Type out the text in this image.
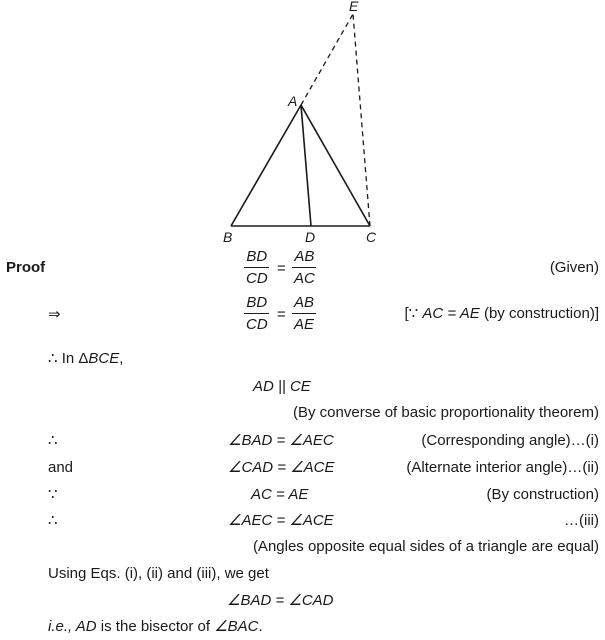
E
A
B	D	C
Proof	$\frac{BD}{CD} = \frac{AB}{AC}$	(Given)
⇒	$\frac{BD}{CD} = \frac{AB}{AE}$	[∵ AC = AE (by construction)]
∴ In ΔBCE,
AD || CE
(By converse of basic proportionality theorem)
∴	∠BAD = ∠AEC	(Corresponding angle)…(i)
and	∠CAD = ∠ACE	(Alternate interior angle)…(ii)
∵	AC = AE	(By construction)
∴	∠AEC = ∠ACE	…(iii)
(Angles opposite equal sides of a triangle are equal)
Using Eqs. (i), (ii) and (iii), we get
∠BAD = ∠CAD
i.e., AD is the bisector of ∠BAC.
